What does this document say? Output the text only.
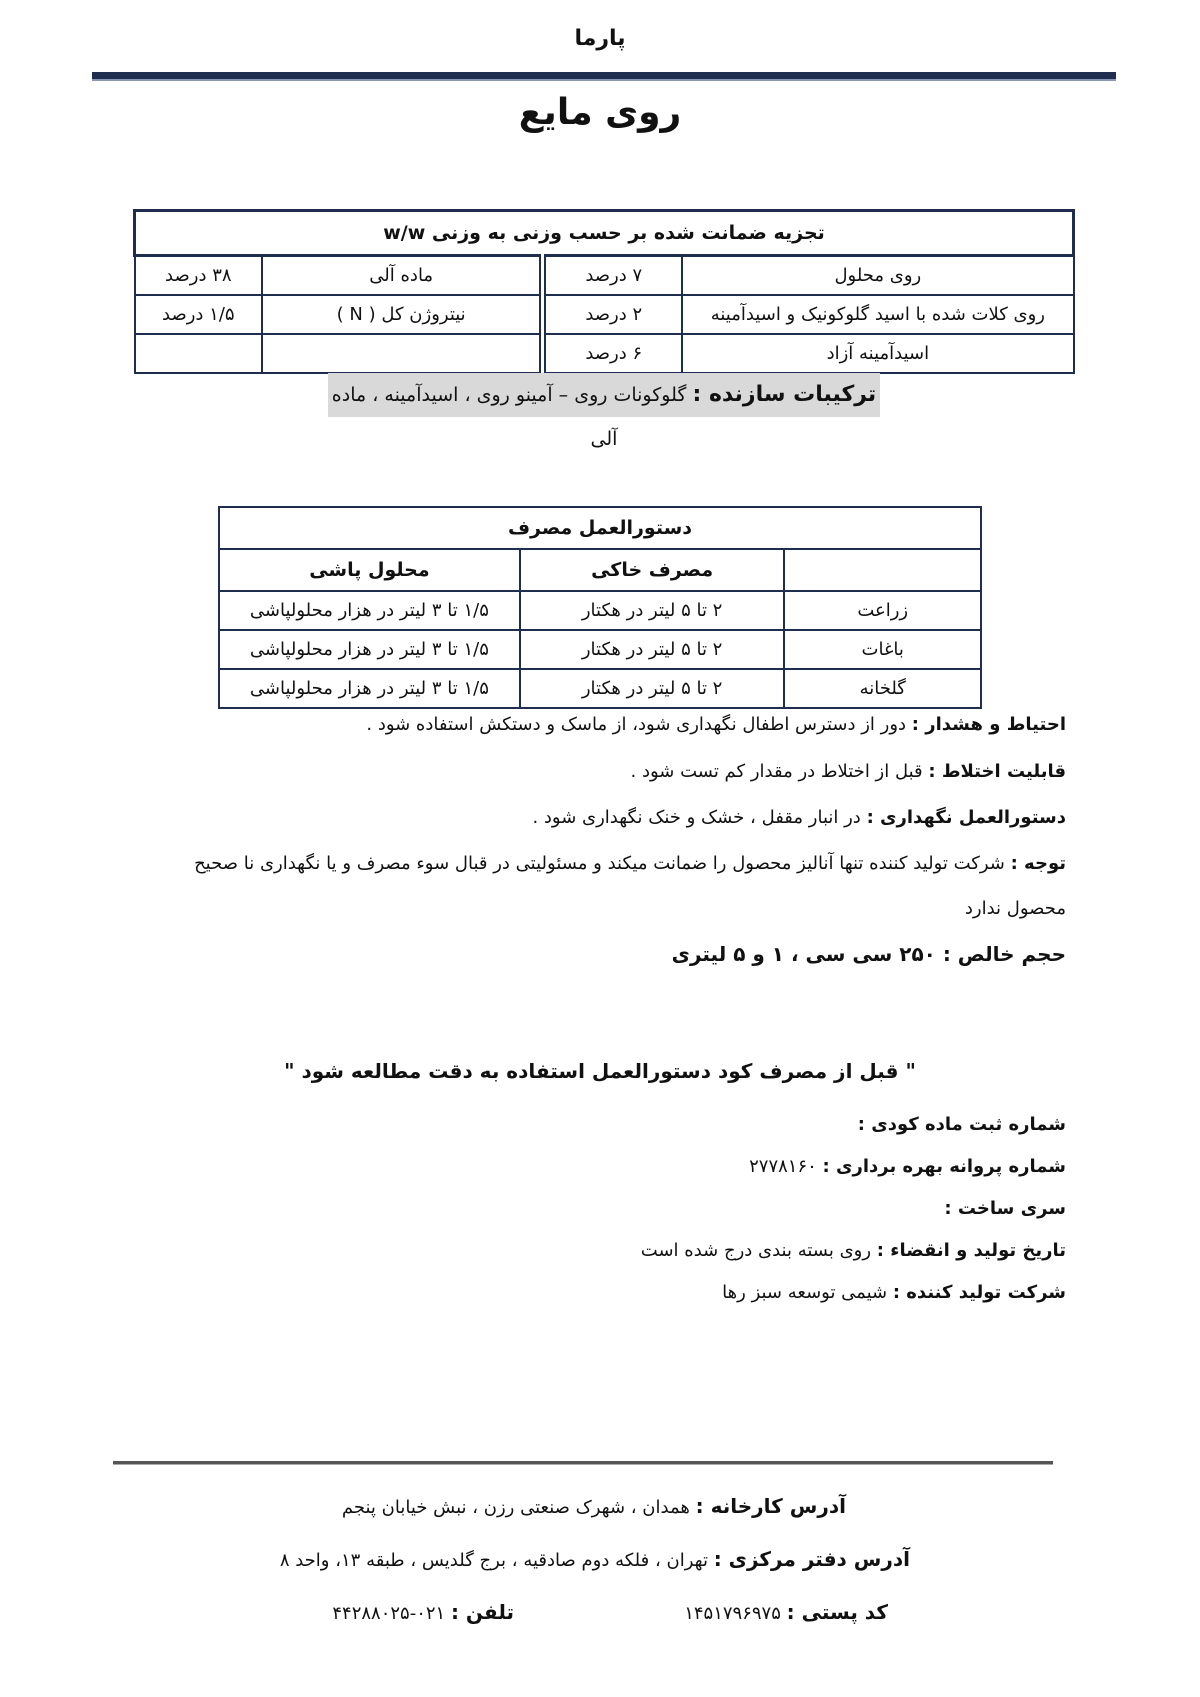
پارما
روی مایع
تجزیه ضمانت شده بر حسب وزنی به وزنی w/w			
روی محلول	۷ درصد	ماده آلی	۳۸ درصد
روی کلات شده با اسید گلوکونیک و اسیدآمینه	۲ درصد	نیتروژن کل ( N )	۱/۵ درصد
اسیدآمینه آزاد	۶ درصد		
ترکیبات سازنده : گلوکونات روی – آمینو روی ، اسیدآمینه ، ماده آلی
دستورالعمل مصرف		
	مصرف خاکی	محلول پاشی
زراعت	۲ تا ۵ لیتر در هکتار	۱/۵ تا ۳ لیتر در هزار محلولپاشی
باغات	۲ تا ۵ لیتر در هکتار	۱/۵ تا ۳ لیتر در هزار محلولپاشی
گلخانه	۲ تا ۵ لیتر در هکتار	۱/۵ تا ۳ لیتر در هزار محلولپاشی
احتیاط و هشدار : دور از دسترس اطفال نگهداری شود، از ماسک و دستکش استفاده شود .
قابلیت اختلاط : قبل از اختلاط در مقدار کم تست شود .
دستورالعمل نگهداری : در انبار مقفل ، خشک و خنک نگهداری شود .
توجه : شرکت تولید کننده تنها آنالیز محصول را ضمانت میکند و مسئولیتی در قبال سوء مصرف و یا نگهداری نا صحیح
محصول ندارد
حجم خالص : ۲۵۰ سی سی ، ۱ و ۵ لیتری
" قبل از مصرف کود دستورالعمل استفاده به دقت مطالعه شود "
شماره ثبت ماده کودی :
شماره پروانه بهره برداری : ۲۷۷۸۱۶۰
سری ساخت :
تاریخ تولید و انقضاء : روی بسته بندی درج شده است
شرکت تولید کننده : شیمی توسعه سبز رها
آدرس کارخانه : همدان ، شهرک صنعتی رزن ، نبش خیابان پنجم
آدرس دفتر مرکزی : تهران ، فلکه دوم صادقیه ، برج گلدیس ، طبقه ۱۳، واحد ۸
کد پستی : ۱۴۵۱۷۹۶۹۷۵
تلفن : ۰۲۱-۴۴۲۸۸۰۲۵
